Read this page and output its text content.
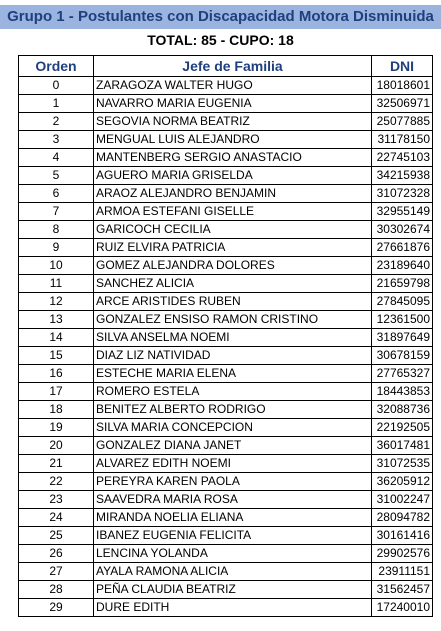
Grupo 1 - Postulantes con Discapacidad Motora Disminuida
TOTAL: 85 - CUPO: 18
Orden	Jefe de Familia	DNI
0	ZARAGOZA WALTER HUGO	18018601
1	NAVARRO MARIA EUGENIA	32506971
2	SEGOVIA NORMA BEATRIZ	25077885
3	MENGUAL LUIS ALEJANDRO	31178150
4	MANTENBERG SERGIO ANASTACIO	22745103
5	AGUERO MARIA GRISELDA	34215938
6	ARAOZ ALEJANDRO BENJAMIN	31072328
7	ARMOA ESTEFANI GISELLE	32955149
8	GARICOCH CECILIA	30302674
9	RUIZ ELVIRA PATRICIA	27661876
10	GOMEZ ALEJANDRA DOLORES	23189640
11	SANCHEZ ALICIA	21659798
12	ARCE ARISTIDES RUBEN	27845095
13	GONZALEZ ENSISO RAMON CRISTINO	12361500
14	SILVA ANSELMA NOEMI	31897649
15	DIAZ LIZ NATIVIDAD	30678159
16	ESTECHE MARIA ELENA	27765327
17	ROMERO ESTELA	18443853
18	BENITEZ ALBERTO RODRIGO	32088736
19	SILVA MARIA CONCEPCION	22192505
20	GONZALEZ DIANA JANET	36017481
21	ALVAREZ EDITH NOEMI	31072535
22	PEREYRA KAREN PAOLA	36205912
23	SAAVEDRA MARIA ROSA	31002247
24	MIRANDA NOELIA ELIANA	28094782
25	IBANEZ EUGENIA FELICITA	30161416
26	LENCINA YOLANDA	29902576
27	AYALA RAMONA ALICIA	23911151
28	PEÑA CLAUDIA BEATRIZ	31562457
29	DURE EDITH	17240010
